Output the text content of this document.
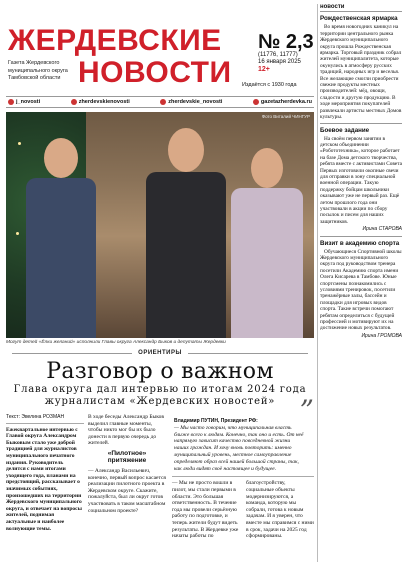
ЖЕРДЕВСКИЕ
Газета Жердевского муниципального округа Тамбовской области НОВОСТИ
№ 2,3
(11776, 11777)
16 января 2025
12+
Издаётся с 1930 года
j_novosti	zherdevskienovosti	zherdevskie_novosti	gazetazherdevka.ru
Фото Виталий ЧИНГУР
Могут детей «Ёлки желаний» исполнили Главы округа Александр Быков и депутаты Жердевки
ОРИЕНТИРЫ
Разговор о важном
Глава округа дал интервью по итогам 2024 года
журналистам «Жердевских новостей»
Текст: Эвелина РОЗМАН
Ежеквартальное интервью с Главой округа Александром Быковым стало уже доброй традицией для журналистов муниципального печатного издания. Руководитель делится с нами итогами уходящего года, планами на предстоящий, рассказывает о значимых событиях, произошедших на территории Жердевского муниципального округа, и отвечает на вопросы жителей, поднимая актуальные и наиболее волнующие темы.
В ходе беседы Александр Быков выделил главные моменты, чтобы никто мог бы их было донести в первую очередь до жителей.
«Пилотное» притяжение
— Александр Васильевич, конечно, первый вопрос касается реализации пилотного проекта в Жердевском округе. Скажите, пожалуйста, был ли округ готов участвовать в таком масштабном социальном проекте?
Владимир ПУТИН, Президент РФ:
— Мы часто говорим, что муниципальная власть ближе всего к людям. Конечно, так оно и есть. От неё напрямую зависит качество повседневной жизни наших граждан. И хочу вновь повторить: именно муниципальный уровень, местное самоуправление определяют образ всей нашей большой страны, так, как люди видят своё настоящее и будущее.
”
— Мы не просто вошли в пилот, мы стали первыми в области. Это большая ответственность. В течение года мы провели серьёзную работу по подготовке, и теперь жители будут видеть результаты. В Жердевке уже начаты работы по благоустройству, социальные объекты модернизируются, а команда, которую мы собрали, готова к новым задачам. И я уверен, что вместе мы справимся с ними в срок, задачи на 2025 год сформированы.
новости
Рождественская ярмарка

Во время новогодних каникул на территории центрального рынка Жердевского муниципального округа прошла Рождественская ярмарка. Торговый праздник собрал жителей муниципалитета, которые окунулись в атмосферу русских традиций, народных игр и веселья. Все желающие смогли приобрести свежие продукты местных производителей: мёд, овощи, сладости и другую продукцию. В ходе мероприятия покупателей развлекали артисты местных Домов культуры.

Боевое задание

На своём первом занятии в детском объединении «Робототехника», которое работает на базе Дома детского творчества, ребята вместе с активистами Совета Первых изготовили окопные свечи для отправки в зону специальной военной операции. Такую поддержку бойцам школьники оказывают уже не первый раз. Ещё летом прошлого года они участвовали в акции по сбору посылок и писем для наших защитников.

Ирина СТАРОВА
Визит в академию спорта

Обучающиеся Спортивной школы Жердевского муниципального округа под руководством тренера посетили Академию спорта имени Олега Кисарева в Тамбове. Юные спортсмены познакомились с условиями тренировок, посетили тренажёрные залы, бассейн и площадки для игровых видов спорта. Такие встречи помогают ребятам определиться с будущей профессией и мотивируют их на достижение новых результатов.

Ирина ГРОМОВА
